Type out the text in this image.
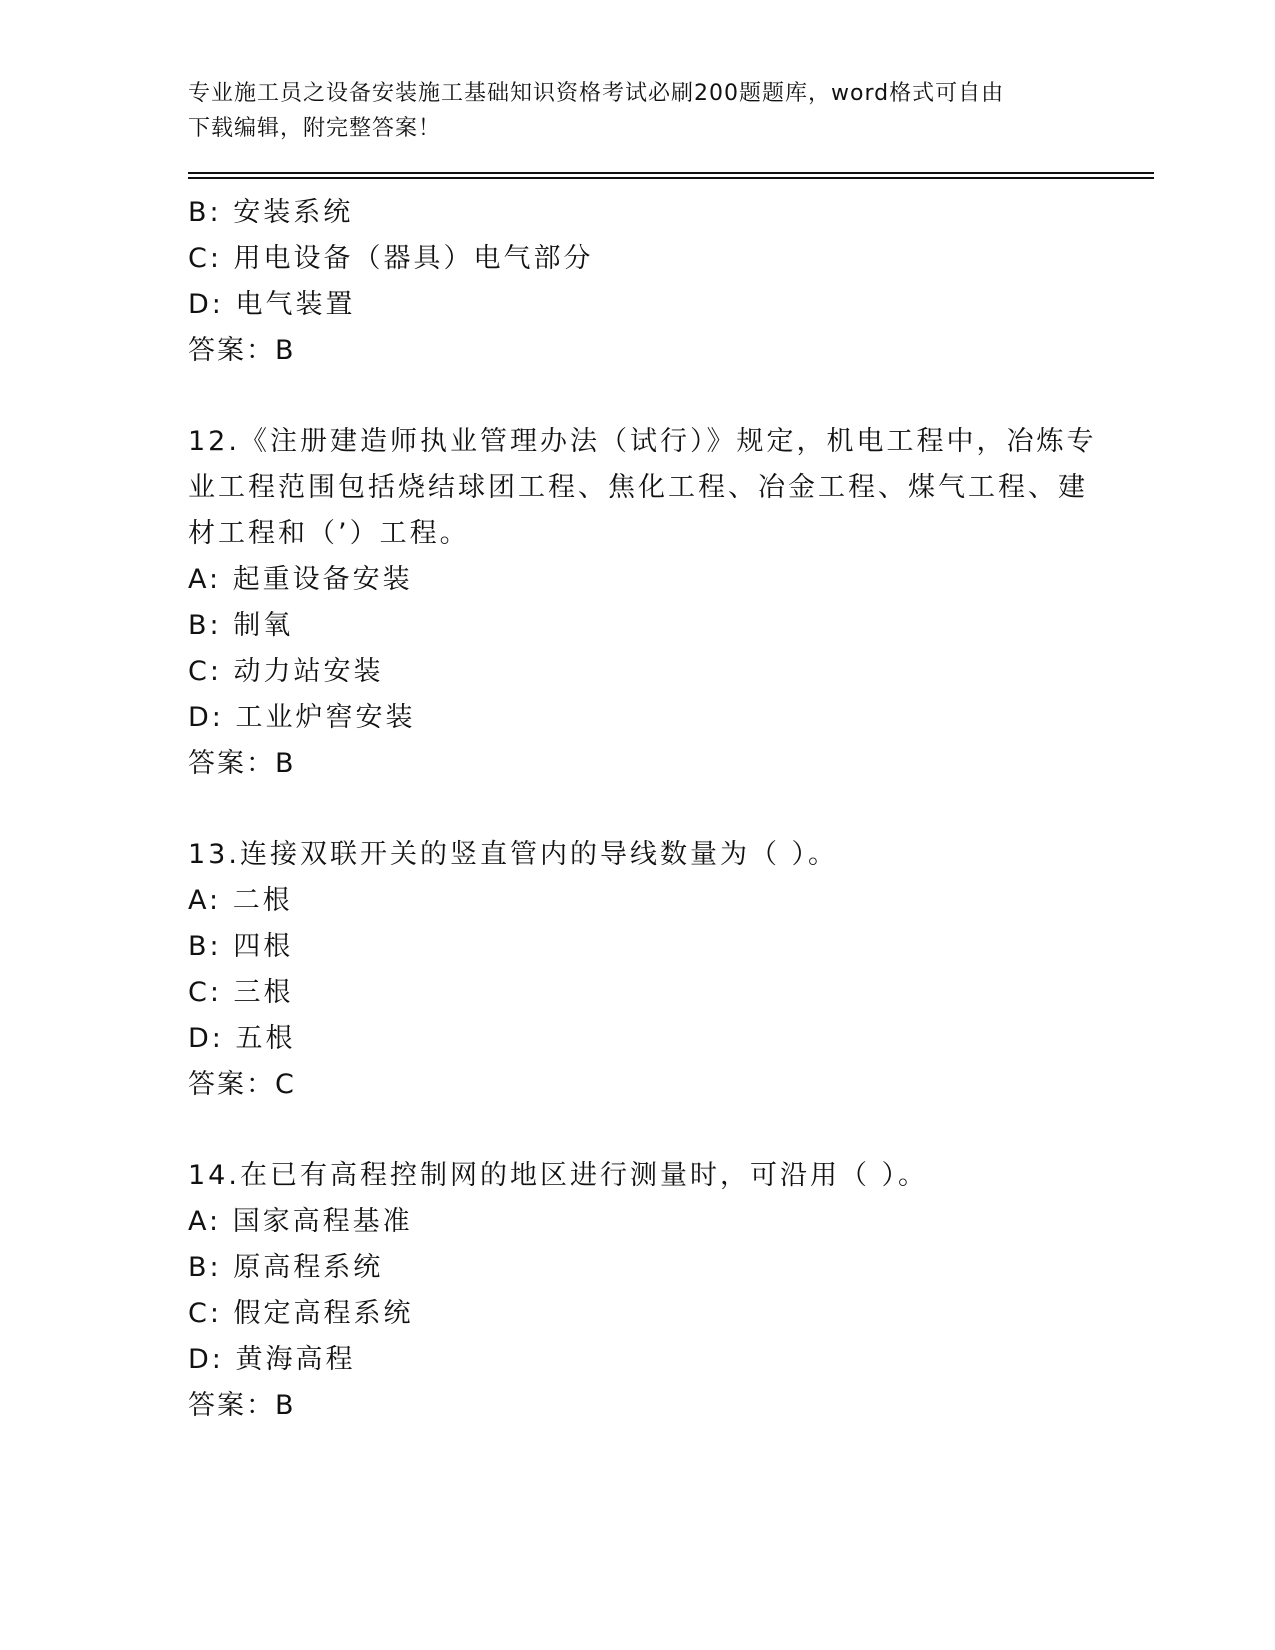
专业施工员之设备安装施工基础知识资格考试必刷200题题库，word格式可自由
下载编辑，附完整答案！
B: 安装系统
C: 用电设备（器具）电气部分
D: 电气装置
答案：B
12.《注册建造师执业管理办法（试行）》规定，机电工程中，冶炼专
业工程范围包括烧结球团工程、焦化工程、冶金工程、煤气工程、建
材工程和（’）工程。
A: 起重设备安装
B: 制氧
C: 动力站安装
D: 工业炉窖安装
答案：B
13.连接双联开关的竖直管内的导线数量为（ ）。
A: 二根
B: 四根
C: 三根
D: 五根
答案：C
14.在已有高程控制网的地区进行测量时，可沿用（ ）。
A: 国家高程基准
B: 原高程系统
C: 假定高程系统
D: 黄海高程
答案：B
